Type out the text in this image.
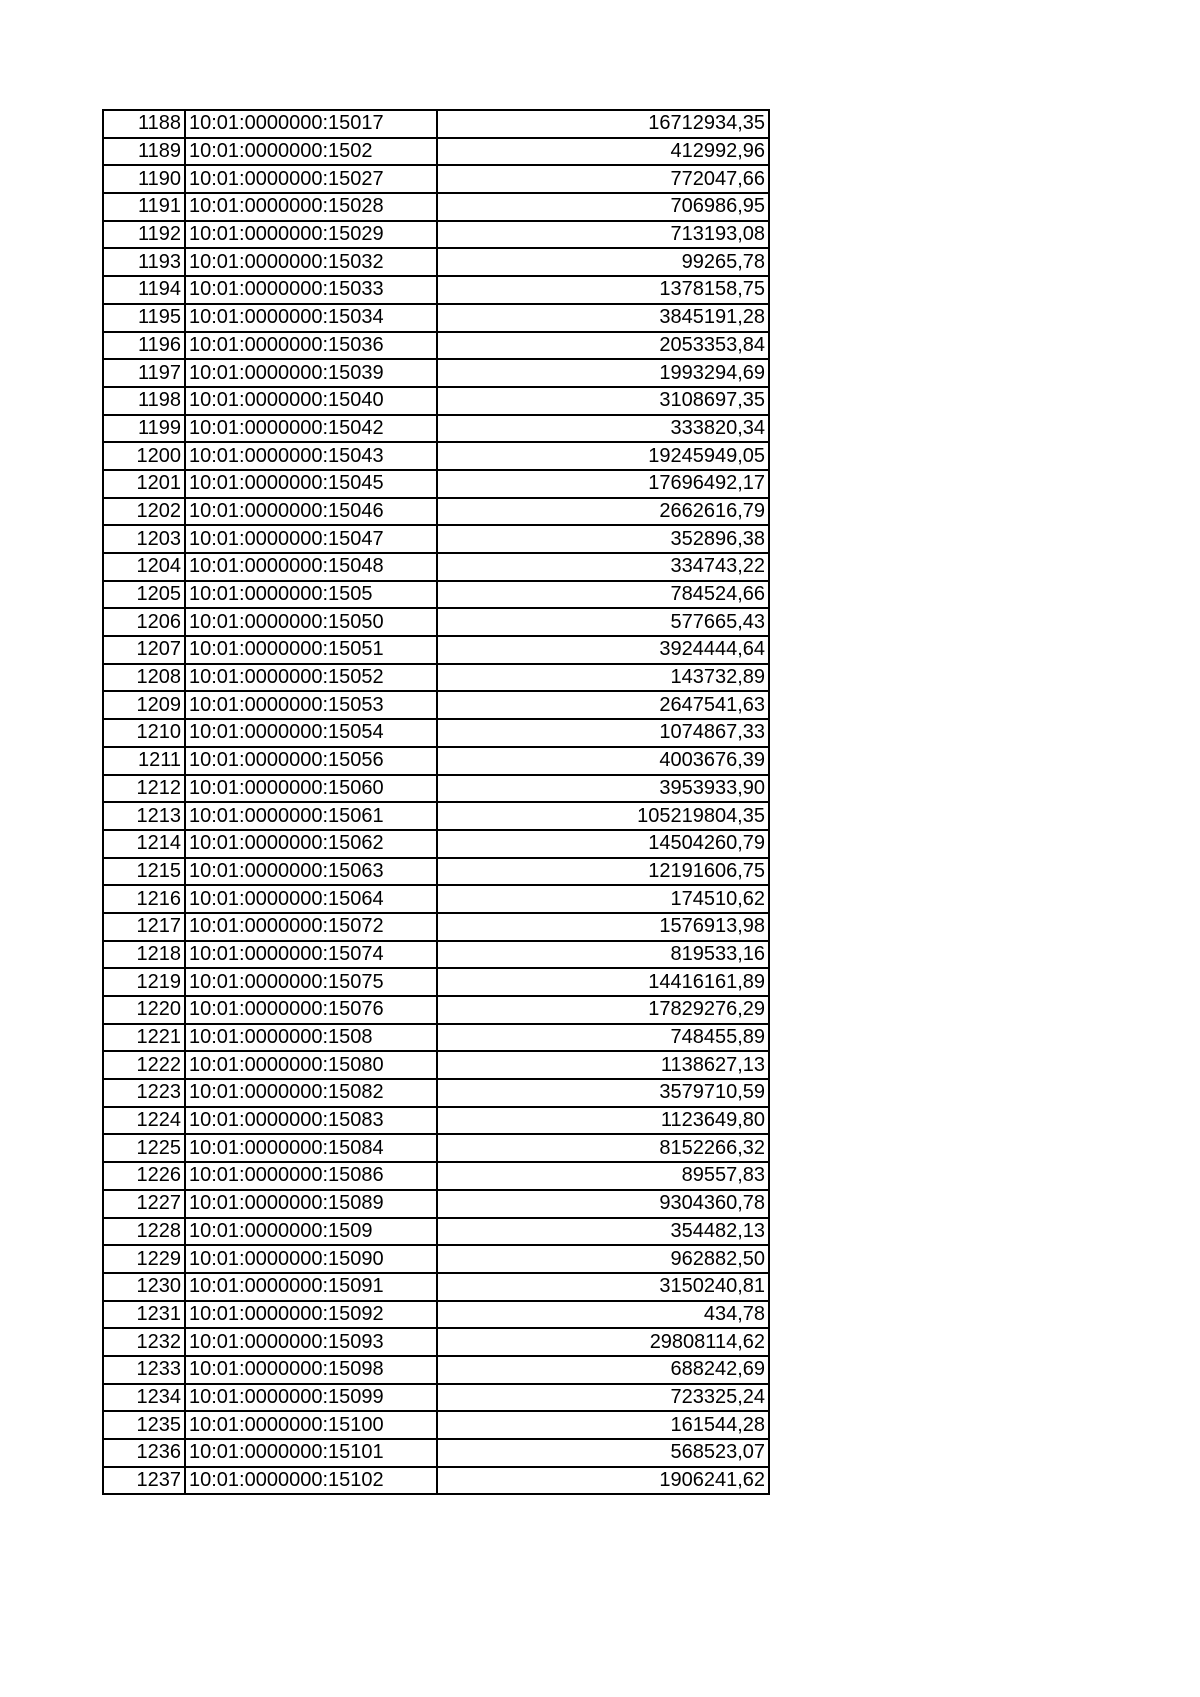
1188	10:01:0000000:15017	16712934,35
1189	10:01:0000000:1502	412992,96
1190	10:01:0000000:15027	772047,66
1191	10:01:0000000:15028	706986,95
1192	10:01:0000000:15029	713193,08
1193	10:01:0000000:15032	99265,78
1194	10:01:0000000:15033	1378158,75
1195	10:01:0000000:15034	3845191,28
1196	10:01:0000000:15036	2053353,84
1197	10:01:0000000:15039	1993294,69
1198	10:01:0000000:15040	3108697,35
1199	10:01:0000000:15042	333820,34
1200	10:01:0000000:15043	19245949,05
1201	10:01:0000000:15045	17696492,17
1202	10:01:0000000:15046	2662616,79
1203	10:01:0000000:15047	352896,38
1204	10:01:0000000:15048	334743,22
1205	10:01:0000000:1505	784524,66
1206	10:01:0000000:15050	577665,43
1207	10:01:0000000:15051	3924444,64
1208	10:01:0000000:15052	143732,89
1209	10:01:0000000:15053	2647541,63
1210	10:01:0000000:15054	1074867,33
1211	10:01:0000000:15056	4003676,39
1212	10:01:0000000:15060	3953933,90
1213	10:01:0000000:15061	105219804,35
1214	10:01:0000000:15062	14504260,79
1215	10:01:0000000:15063	12191606,75
1216	10:01:0000000:15064	174510,62
1217	10:01:0000000:15072	1576913,98
1218	10:01:0000000:15074	819533,16
1219	10:01:0000000:15075	14416161,89
1220	10:01:0000000:15076	17829276,29
1221	10:01:0000000:1508	748455,89
1222	10:01:0000000:15080	1138627,13
1223	10:01:0000000:15082	3579710,59
1224	10:01:0000000:15083	1123649,80
1225	10:01:0000000:15084	8152266,32
1226	10:01:0000000:15086	89557,83
1227	10:01:0000000:15089	9304360,78
1228	10:01:0000000:1509	354482,13
1229	10:01:0000000:15090	962882,50
1230	10:01:0000000:15091	3150240,81
1231	10:01:0000000:15092	434,78
1232	10:01:0000000:15093	29808114,62
1233	10:01:0000000:15098	688242,69
1234	10:01:0000000:15099	723325,24
1235	10:01:0000000:15100	161544,28
1236	10:01:0000000:15101	568523,07
1237	10:01:0000000:15102	1906241,62
